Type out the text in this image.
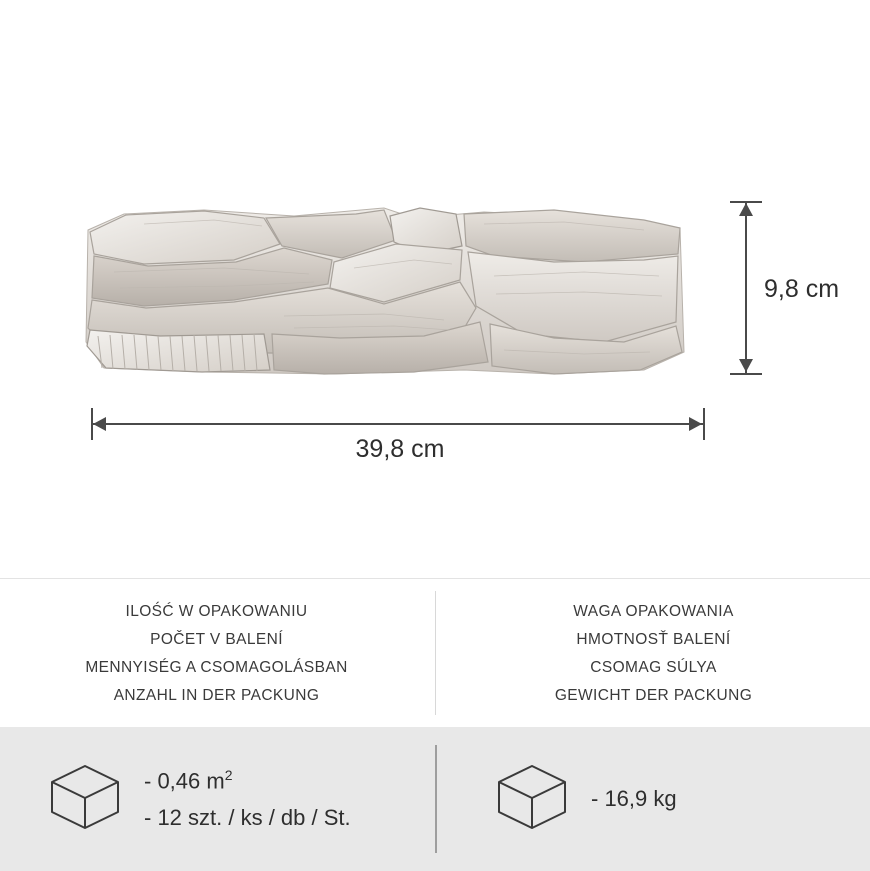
9,8 cm
39,8 cm
ILOŚĆ W OPAKOWANIU
POČET V BALENÍ
MENNYISÉG A CSOMAGOLÁSBAN
ANZAHL IN DER PACKUNG
WAGA OPAKOWANIA
HMOTNOSŤ BALENÍ
CSOMAG SÚLYA
GEWICHT DER PACKUNG
- 0,46 $m^2$
- 12 szt. / ks / db / St.
- 16,9 kg
